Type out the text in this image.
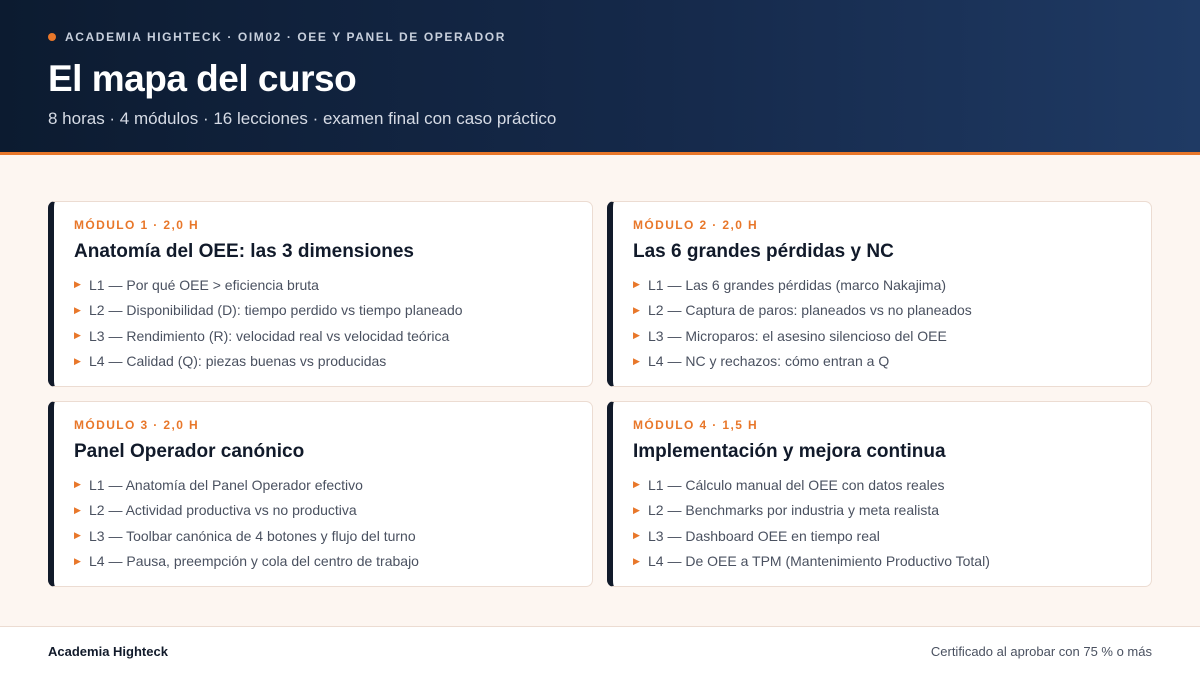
ACADEMIA HIGHTECK · OIM02 · OEE Y PANEL DE OPERADOR
El mapa del curso
8 horas · 4 módulos · 16 lecciones · examen final con caso práctico
MÓDULO 1 · 2,0 H
Anatomía del OEE: las 3 dimensiones
▶ L1 — Por qué OEE > eficiencia bruta
▶ L2 — Disponibilidad (D): tiempo perdido vs tiempo planeado
▶ L3 — Rendimiento (R): velocidad real vs velocidad teórica
▶ L4 — Calidad (Q): piezas buenas vs producidas
MÓDULO 2 · 2,0 H
Las 6 grandes pérdidas y NC
▶ L1 — Las 6 grandes pérdidas (marco Nakajima)
▶ L2 — Captura de paros: planeados vs no planeados
▶ L3 — Microparos: el asesino silencioso del OEE
▶ L4 — NC y rechazos: cómo entran a Q
MÓDULO 3 · 2,0 H
Panel Operador canónico
▶ L1 — Anatomía del Panel Operador efectivo
▶ L2 — Actividad productiva vs no productiva
▶ L3 — Toolbar canónica de 4 botones y flujo del turno
▶ L4 — Pausa, preempción y cola del centro de trabajo
MÓDULO 4 · 1,5 H
Implementación y mejora continua
▶ L1 — Cálculo manual del OEE con datos reales
▶ L2 — Benchmarks por industria y meta realista
▶ L3 — Dashboard OEE en tiempo real
▶ L4 — De OEE a TPM (Mantenimiento Productivo Total)
Academia Highteck	Certificado al aprobar con 75 % o más
